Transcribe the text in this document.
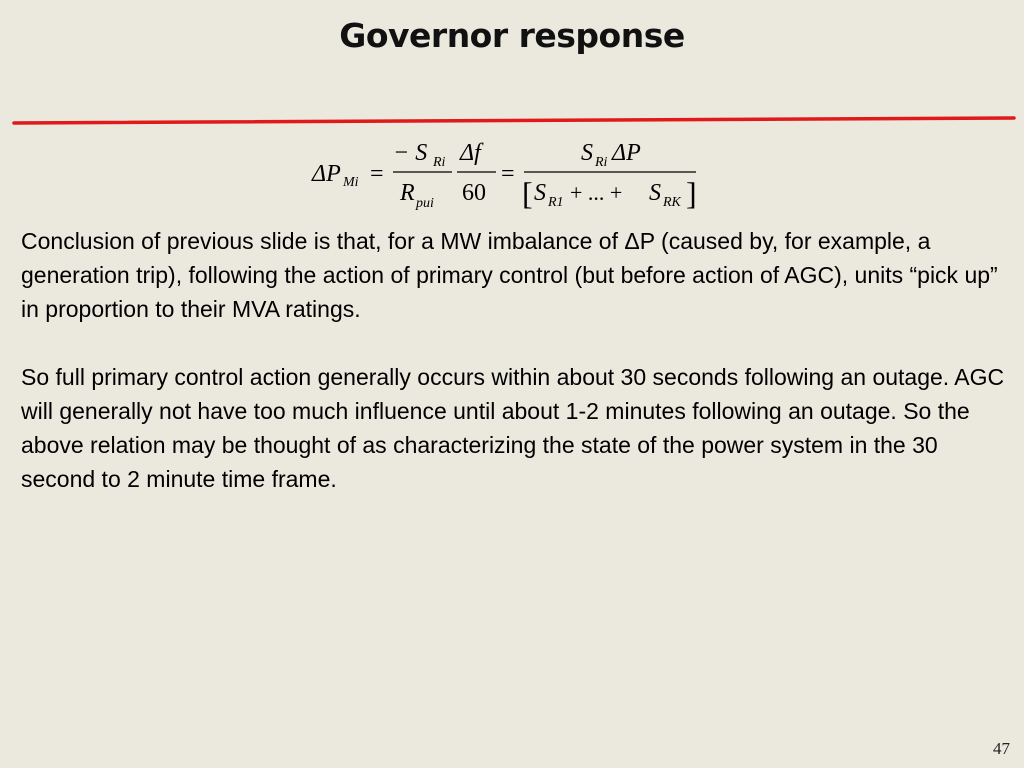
Governor response
ΔP Mi =
− S Ri
R pui
Δf
60
=
S Ri ΔP
[ S R1 + ... + S RK ]

Conclusion of previous slide is that, for a MW imbalance of ΔP (caused by, for example, a generation trip), following the action of primary control (but before action of AGC), units “pick up” in proportion to their MVA ratings.

So full primary control action generally occurs within about 30 seconds following an outage. AGC will generally not have too much influence until about 1-2 minutes following an outage. So the above relation may be thought of as characterizing the state of the power system in the 30 second to 2 minute time frame.

47
